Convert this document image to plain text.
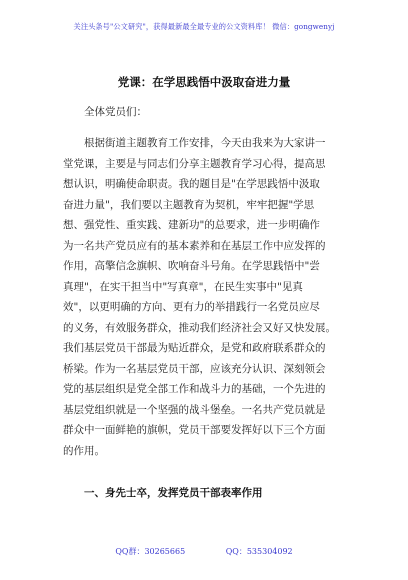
关注头条号"公文研究"，获得最新最全最专业的公文资料库！ 微信：gongwenyj
党课：在学思践悟中汲取奋进力量
全体党员们：
　　根据街道主题教育工作安排，今天由我来为大家讲一
堂党课，主要是与同志们分享主题教育学习心得，提高思
想认识，明确使命职责。我的题目是"在学思践悟中汲取
奋进力量"，我们要以主题教育为契机，牢牢把握"学思
想、强党性、重实践、建新功"的总要求，进一步明确作
为一名共产党员应有的基本素养和在基层工作中应发挥的
作用，高擎信念旗帜、吹响奋斗号角。在学思践悟中"尝
真理"，在实干担当中"写真章"，在民生实事中"见真
效"，以更明确的方向、更有力的举措践行一名党员应尽
的义务，有效服务群众，推动我们经济社会又好又快发展。
我们基层党员干部最为贴近群众，是党和政府联系群众的
桥梁。作为一名基层党员干部，应该充分认识、深刻领会
党的基层组织是党全部工作和战斗力的基础，一个先进的
基层党组织就是一个坚强的战斗堡垒。一名共产党员就是
群众中一面鲜艳的旗帜，党员干部要发挥好以下三个方面
的作用。
一、身先士卒，发挥党员干部表率作用
QQ群：30265665	QQ：535304092
